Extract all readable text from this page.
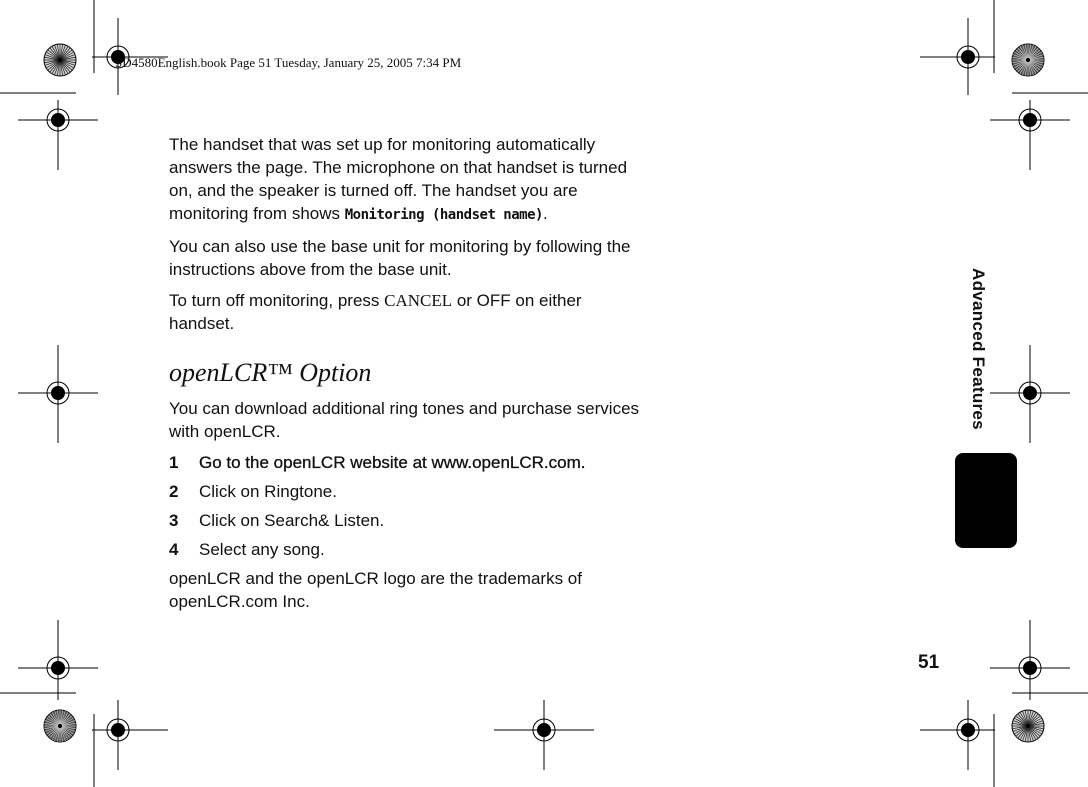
SD4580English.book Page 51 Tuesday, January 25, 2005 7:34 PM

The handset that was set up for monitoring automatically answers the page. The microphone on that handset is turned on, and the speaker is turned off. The handset you are monitoring from shows Monitoring (handset name).

You can also use the base unit for monitoring by following the instructions above from the base unit.

To turn off monitoring, press CANCEL or OFF on either handset.

openLCR™ Option

You can download additional ring tones and purchase services with openLCR.

1	Go to the openLCR website at www.openLCR.com.
2	Click on Ringtone.
3	Click on Search& Listen.
4	Select any song.

openLCR and the openLCR logo are the trademarks of openLCR.com Inc.

Advanced Features
51
